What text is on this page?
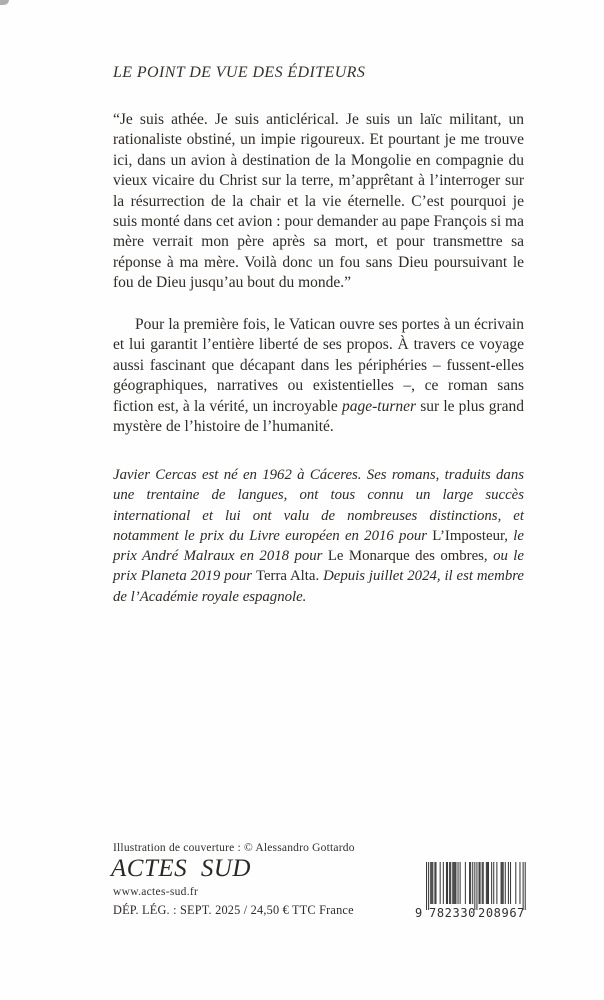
LE POINT DE VUE DES ÉDITEURS

“Je suis athée. Je suis anticlérical. Je suis un laïc militant, un rationaliste obstiné, un impie rigoureux. Et pourtant je me trouve ici, dans un avion à destination de la Mongolie en compagnie du vieux vicaire du Christ sur la terre, m’apprêtant à l’interroger sur la résurrection de la chair et la vie éternelle. C’est pourquoi je suis monté dans cet avion : pour demander au pape François si ma mère verrait mon père après sa mort, et pour transmettre sa réponse à ma mère. Voilà donc un fou sans Dieu poursuivant le fou de Dieu jusqu’au bout du monde.”

Pour la première fois, le Vatican ouvre ses portes à un écrivain et lui garantit l’entière liberté de ses propos. À travers ce voyage aussi fascinant que décapant dans les périphéries – fussent-elles géographiques, narratives ou existentielles –, ce roman sans fiction est, à la vérité, un incroyable page-turner sur le plus grand mystère de l’histoire de l’humanité.

Javier Cercas est né en 1962 à Cáceres. Ses romans, traduits dans une trentaine de langues, ont tous connu un large succès international et lui ont valu de nombreuses distinctions, et notamment le prix du Livre européen en 2016 pour L’Imposteur, le prix André Malraux en 2018 pour Le Monarque des ombres, ou le prix Planeta 2019 pour Terra Alta. Depuis juillet 2024, il est membre de l’Académie royale espagnole.

Illustration de couverture : © Alessandro Gottardo
ACTES SUD
www.actes-sud.fr
DÉP. LÉG. : SEPT. 2025 / 24,50 € TTC France	9 782330 208967
